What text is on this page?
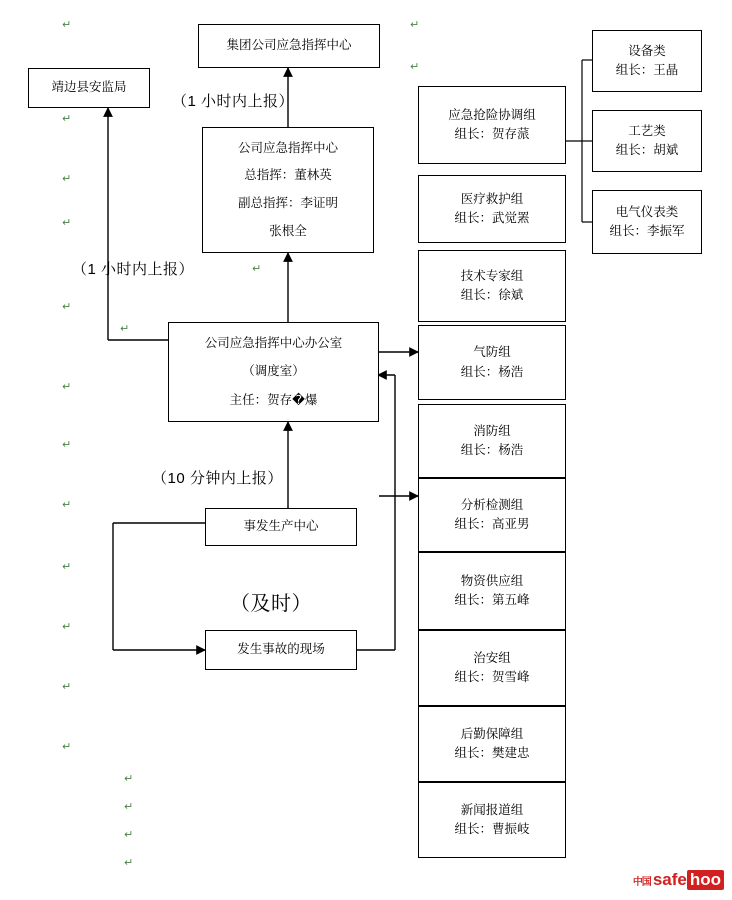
靖边县安监局
集团公司应急指挥中心
公司应急指挥中心
总指挥：董林英
副总指挥：李证明
张根全
公司应急指挥中心办公室
（调度室）
主任：贺存�爆
事发生产中心
发生事故的现场
应急抢险协调组
组长：贺存蒎
医疗救护组
组长：武觉罴
技术专家组
组长：徐斌
气防组
组长：杨浩
消防组
组长：杨浩
分析检测组
组长：高亚男
物资供应组
组长：第五峰
治安组
组长：贺雪峰
后勤保障组
组长：樊建忠
新闻报道组
组长：曹振岐
设备类
组长：王晶
工艺类
组长：胡斌
电气仪表类
组长：李振军
（1 小时内上报）
（1 小时内上报）
（10 分钟内上报）
（及时）
↵
↵
↵
↵
↵
↵
↵
↵
↵
↵
↵
↵
↵
↵
↵
↵
↵
↵
↵
↵
中国 safe hoo
